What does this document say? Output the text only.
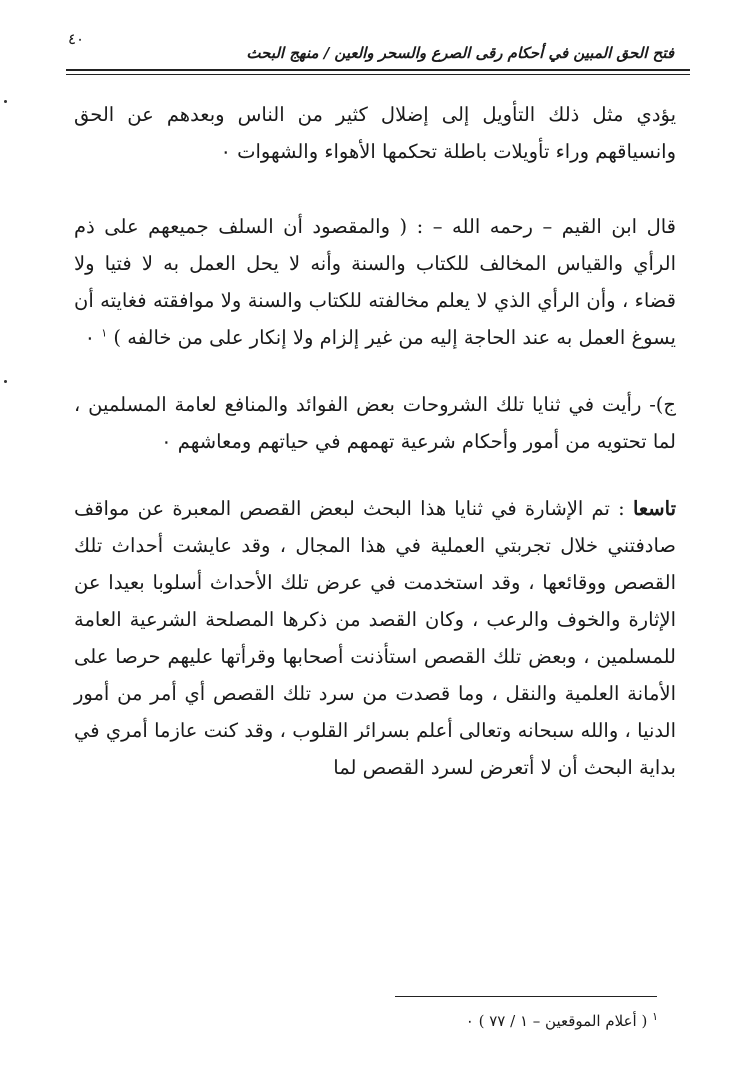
٤٠
فتح الحق المبين في أحكام رقى الصرع والسحر والعين / منهج البحث

يؤدي مثل ذلك التأويل إلى إضلال كثير من الناس وبعدهم عن الحق وانسياقهم وراء تأويلات باطلة تحكمها الأهواء والشهوات ٠

قال ابن القيم – رحمه الله – : ( والمقصود أن السلف جميعهم على ذم الرأي والقياس المخالف للكتاب والسنة وأنه لا يحل العمل به لا فتيا ولا قضاء ، وأن الرأي الذي لا يعلم مخالفته للكتاب والسنة ولا موافقته فغايته أن يسوغ العمل به عند الحاجة إليه من غير إلزام ولا إنكار على من خالفه ) $^١$ ٠

ج)- رأيت في ثنايا تلك الشروحات بعض الفوائد والمنافع لعامة المسلمين ، لما تحتويه من أمور وأحكام شرعية تهمهم في حياتهم ومعاشهم ٠

تاسعا : تم الإشارة في ثنايا هذا البحث لبعض القصص المعبرة عن مواقف صادفتني خلال تجربتي العملية في هذا المجال ، وقد عايشت أحداث تلك القصص ووقائعها ، وقد استخدمت في عرض تلك الأحداث أسلوبا بعيدا عن الإثارة والخوف والرعب ، وكان القصد من ذكرها المصلحة الشرعية العامة للمسلمين ، وبعض تلك القصص استأذنت أصحابها وقرأتها عليهم حرصا على الأمانة العلمية والنقل ، وما قصدت من سرد تلك القصص أي أمر من أمور الدنيا ، والله سبحانه وتعالى أعلم بسرائر القلوب ، وقد كنت عازما أمري في بداية البحث أن لا أتعرض لسرد القصص لما

$^١$ ( أعلام الموقعين – ١ / ٧٧ ) ٠
